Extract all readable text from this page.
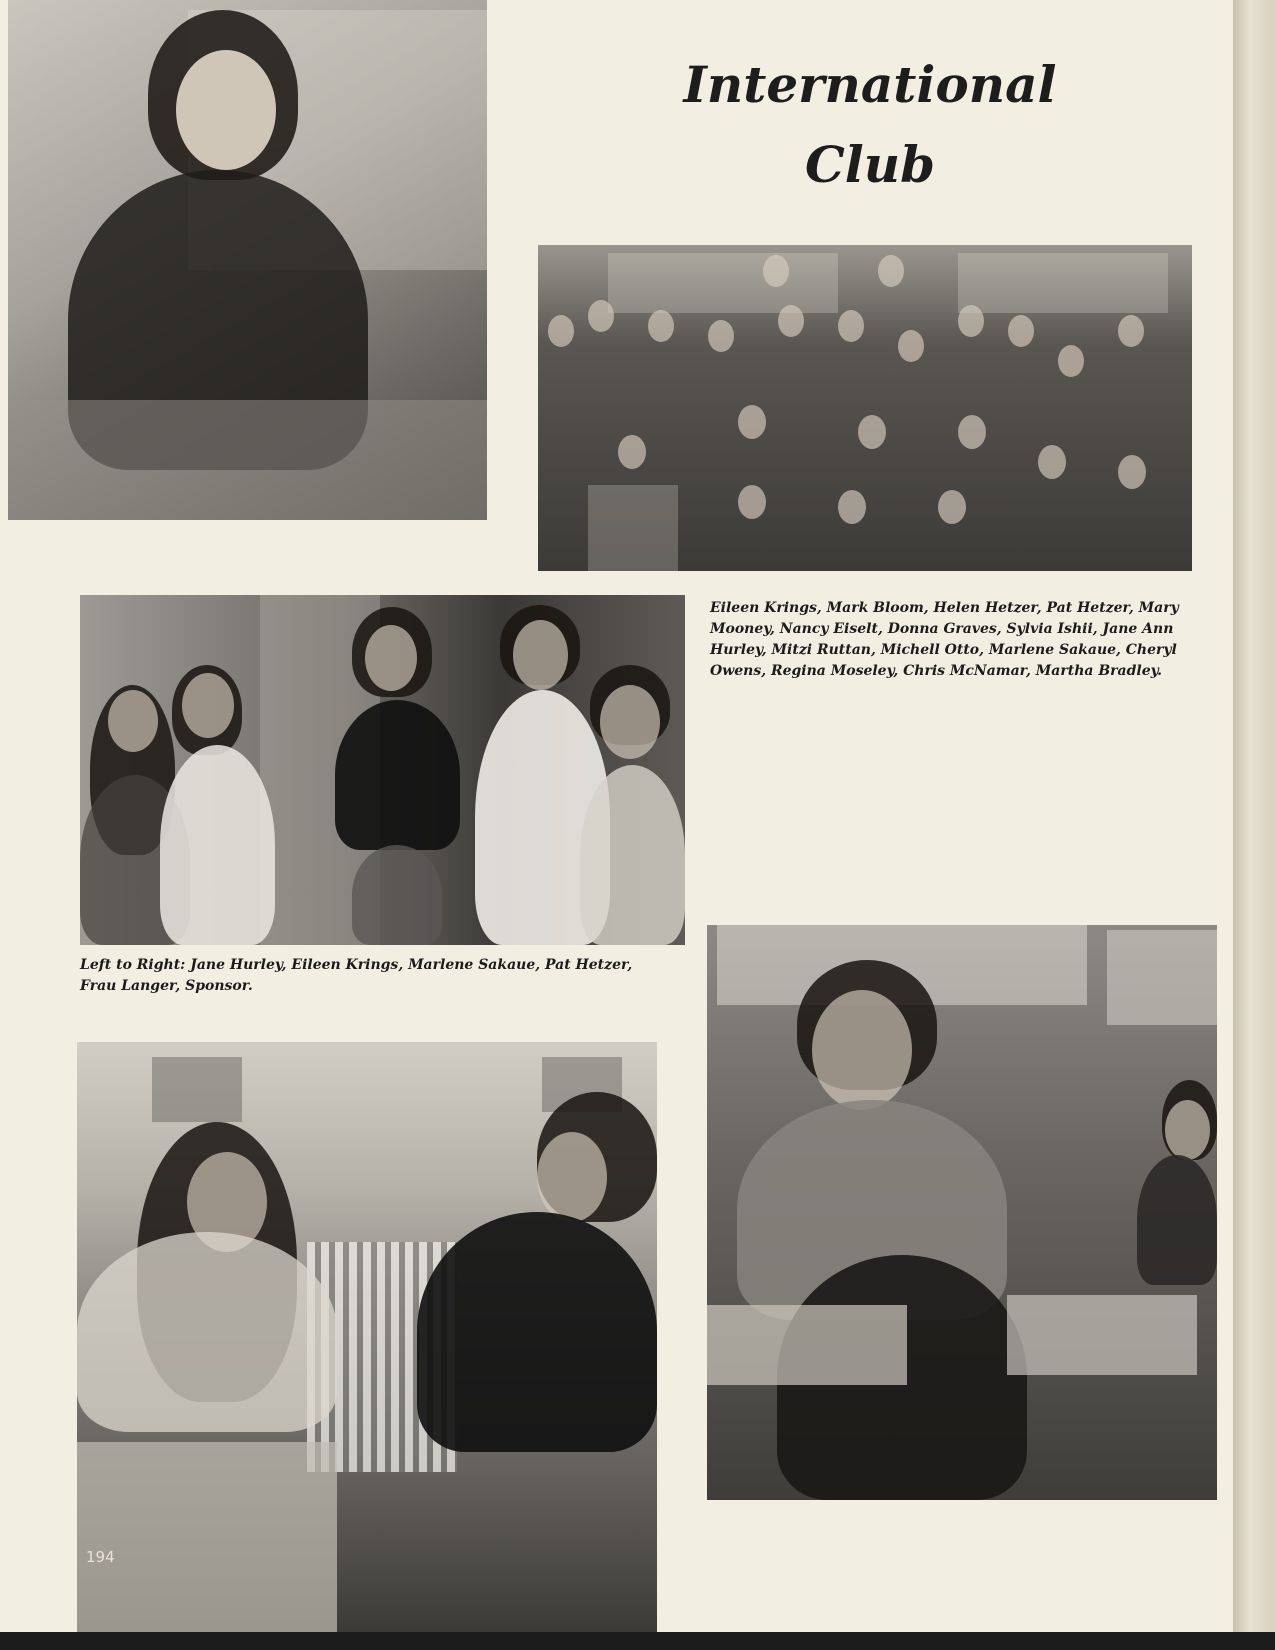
International
Club
Eileen Krings, Mark Bloom, Helen Hetzer, Pat Hetzer, Mary Mooney, Nancy Eiselt, Donna Graves, Sylvia Ishii, Jane Ann Hurley, Mitzi Ruttan, Michell Otto, Marlene Sakaue, Cheryl Owens, Regina Moseley, Chris McNamar, Martha Bradley.
Left to Right: Jane Hurley, Eileen Krings, Marlene Sakaue, Pat Hetzer, Frau Langer, Sponsor.
194
